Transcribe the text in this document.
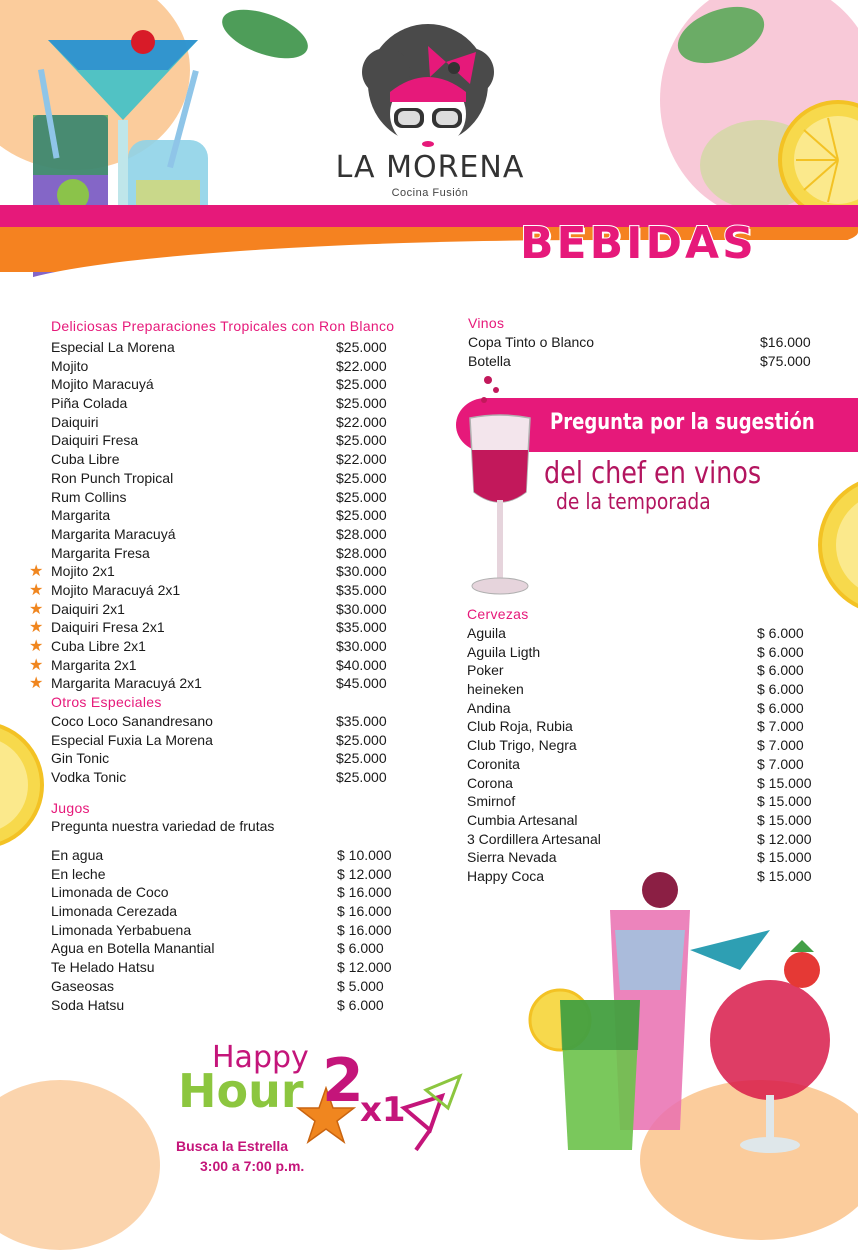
LA MORENA
Cocina Fusión
BEBIDAS
Deliciosas Preparaciones Tropicales con Ron Blanco
Especial La Morena	$25.000
Mojito	$22.000
Mojito Maracuyá	$25.000
Piña Colada	$25.000
Daiquiri	$22.000
Daiquiri Fresa	$25.000
Cuba Libre	$22.000
Ron Punch Tropical	$25.000
Rum Collins	$25.000
Margarita	$25.000
Margarita Maracuyá	$28.000
Margarita Fresa	$28.000
★ Mojito 2x1	$30.000
★ Mojito Maracuyá 2x1	$35.000
★ Daiquiri 2x1	$30.000
★ Daiquiri Fresa 2x1	$35.000
★ Cuba Libre 2x1	$30.000
★ Margarita 2x1	$40.000
★ Margarita Maracuyá 2x1	$45.000
Otros Especiales
Coco Loco Sanandresano	$35.000
Especial Fuxia La Morena	$25.000
Gin Tonic	$25.000
Vodka Tonic	$25.000
Jugos
Pregunta nuestra variedad de frutas
En agua	$ 10.000
En leche	$ 12.000
Limonada de Coco	$ 16.000
Limonada Cerezada	$ 16.000
Limonada Yerbabuena	$ 16.000
Agua en Botella Manantial	$ 6.000
Te Helado Hatsu	$ 12.000
Gaseosas	$ 5.000
Soda Hatsu	$ 6.000
Vinos
Copa Tinto o Blanco	$16.000
Botella	$75.000
Pregunta por la sugestión
del chef en vinos
de la temporada
Cervezas
Aguila	$ 6.000
Aguila Ligth	$ 6.000
Poker	$ 6.000
heineken	$ 6.000
Andina	$ 6.000
Club Roja, Rubia	$ 7.000
Club Trigo, Negra	$ 7.000
Coronita	$ 7.000
Corona	$ 15.000
Smirnof	$ 15.000
Cumbia Artesanal	$ 15.000
3 Cordillera Artesanal	$ 12.000
Sierra Nevada	$ 15.000
Happy Coca	$ 15.000
Happy
Hour 2
x1
Busca la Estrella
3:00 a 7:00 p.m.
